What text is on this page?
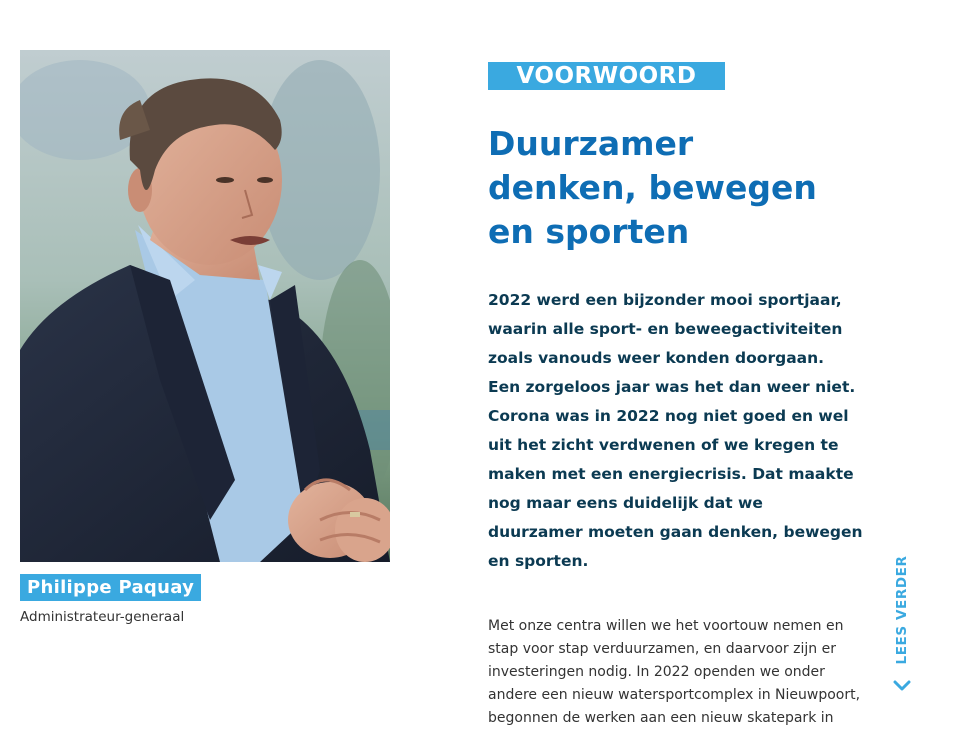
Philippe Paquay
Administrateur-generaal
VOORWOORD
Duurzamer
denken, bewegen
en sporten
2022 werd een bijzonder mooi sportjaar,
waarin alle sport- en beweegactiviteiten
zoals vanouds weer konden doorgaan.
Een zorgeloos jaar was het dan weer niet.
Corona was in 2022 nog niet goed en wel
uit het zicht verdwenen of we kregen te
maken met een energiecrisis. Dat maakte
nog maar eens duidelijk dat we
duurzamer moeten gaan denken, bewegen
en sporten.
Met onze centra willen we het voortouw nemen en
stap voor stap verduurzamen, en daarvoor zijn er
investeringen nodig. In 2022 openden we onder
andere een nieuw watersportcomplex in Nieuwpoort,
begonnen de werken aan een nieuw skatepark in
LEES VERDER
